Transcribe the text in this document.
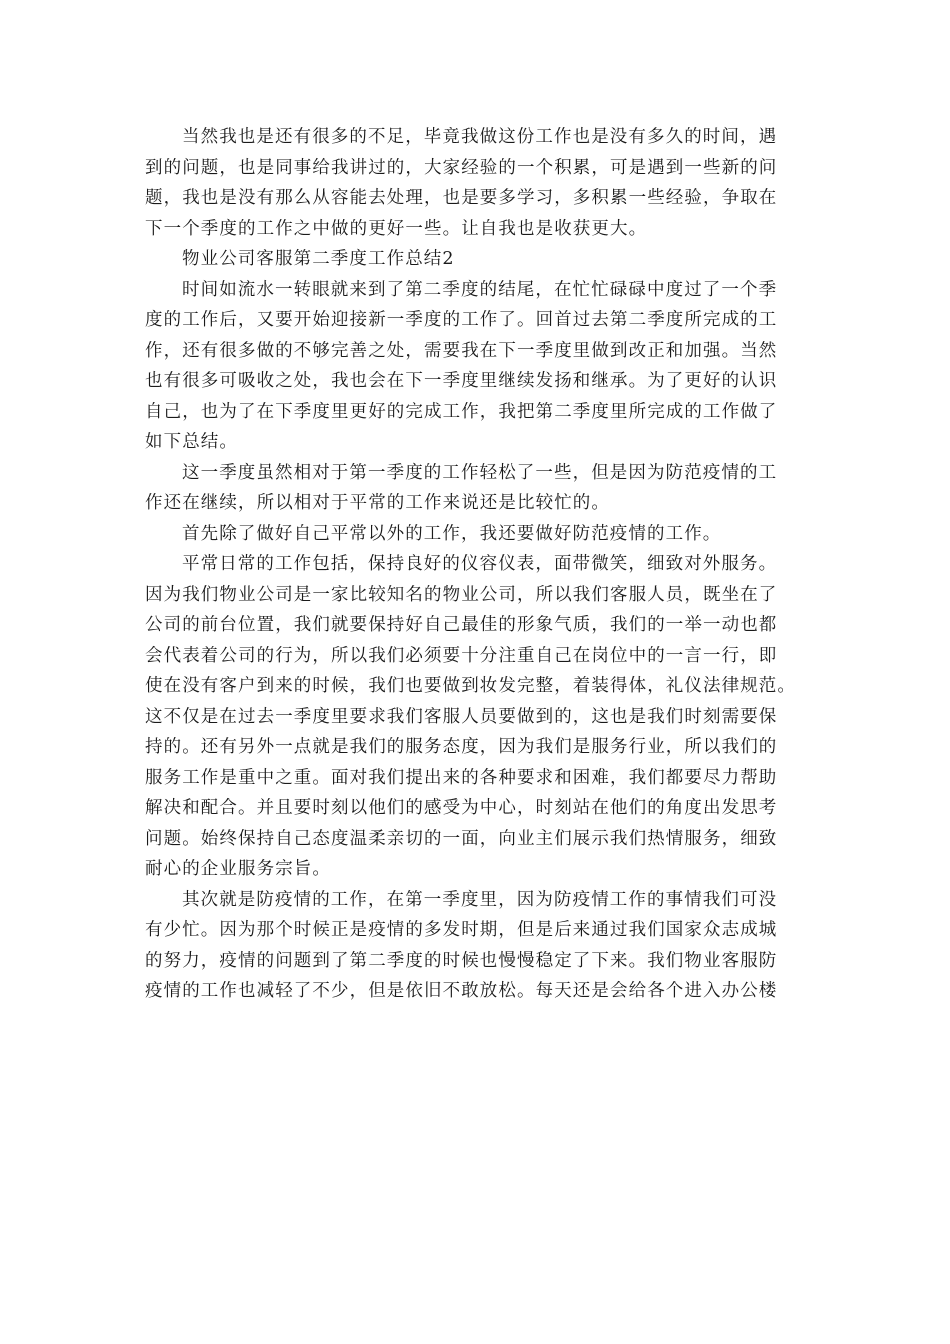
当然我也是还有很多的不足，毕竟我做这份工作也是没有多久的时间，遇
到的问题，也是同事给我讲过的，大家经验的一个积累，可是遇到一些新的问
题，我也是没有那么从容能去处理，也是要多学习，多积累一些经验，争取在
下一个季度的工作之中做的更好一些。让自我也是收获更大。
物业公司客服第二季度工作总结2
时间如流水一转眼就来到了第二季度的结尾，在忙忙碌碌中度过了一个季
度的工作后，又要开始迎接新一季度的工作了。回首过去第二季度所完成的工
作，还有很多做的不够完善之处，需要我在下一季度里做到改正和加强。当然
也有很多可吸收之处，我也会在下一季度里继续发扬和继承。为了更好的认识
自己，也为了在下季度里更好的完成工作，我把第二季度里所完成的工作做了
如下总结。
这一季度虽然相对于第一季度的工作轻松了一些，但是因为防范疫情的工
作还在继续，所以相对于平常的工作来说还是比较忙的。
首先除了做好自己平常以外的工作，我还要做好防范疫情的工作。
平常日常的工作包括，保持良好的仪容仪表，面带微笑，细致对外服务。
因为我们物业公司是一家比较知名的物业公司，所以我们客服人员，既坐在了
公司的前台位置，我们就要保持好自己最佳的形象气质，我们的一举一动也都
会代表着公司的行为，所以我们必须要十分注重自己在岗位中的一言一行，即
使在没有客户到来的时候，我们也要做到妆发完整，着装得体，礼仪法律规范。
这不仅是在过去一季度里要求我们客服人员要做到的，这也是我们时刻需要保
持的。还有另外一点就是我们的服务态度，因为我们是服务行业，所以我们的
服务工作是重中之重。面对我们提出来的各种要求和困难，我们都要尽力帮助
解决和配合。并且要时刻以他们的感受为中心，时刻站在他们的角度出发思考
问题。始终保持自己态度温柔亲切的一面，向业主们展示我们热情服务，细致
耐心的企业服务宗旨。
其次就是防疫情的工作，在第一季度里，因为防疫情工作的事情我们可没
有少忙。因为那个时候正是疫情的多发时期，但是后来通过我们国家众志成城
的努力，疫情的问题到了第二季度的时候也慢慢稳定了下来。我们物业客服防
疫情的工作也减轻了不少，但是依旧不敢放松。每天还是会给各个进入办公楼
